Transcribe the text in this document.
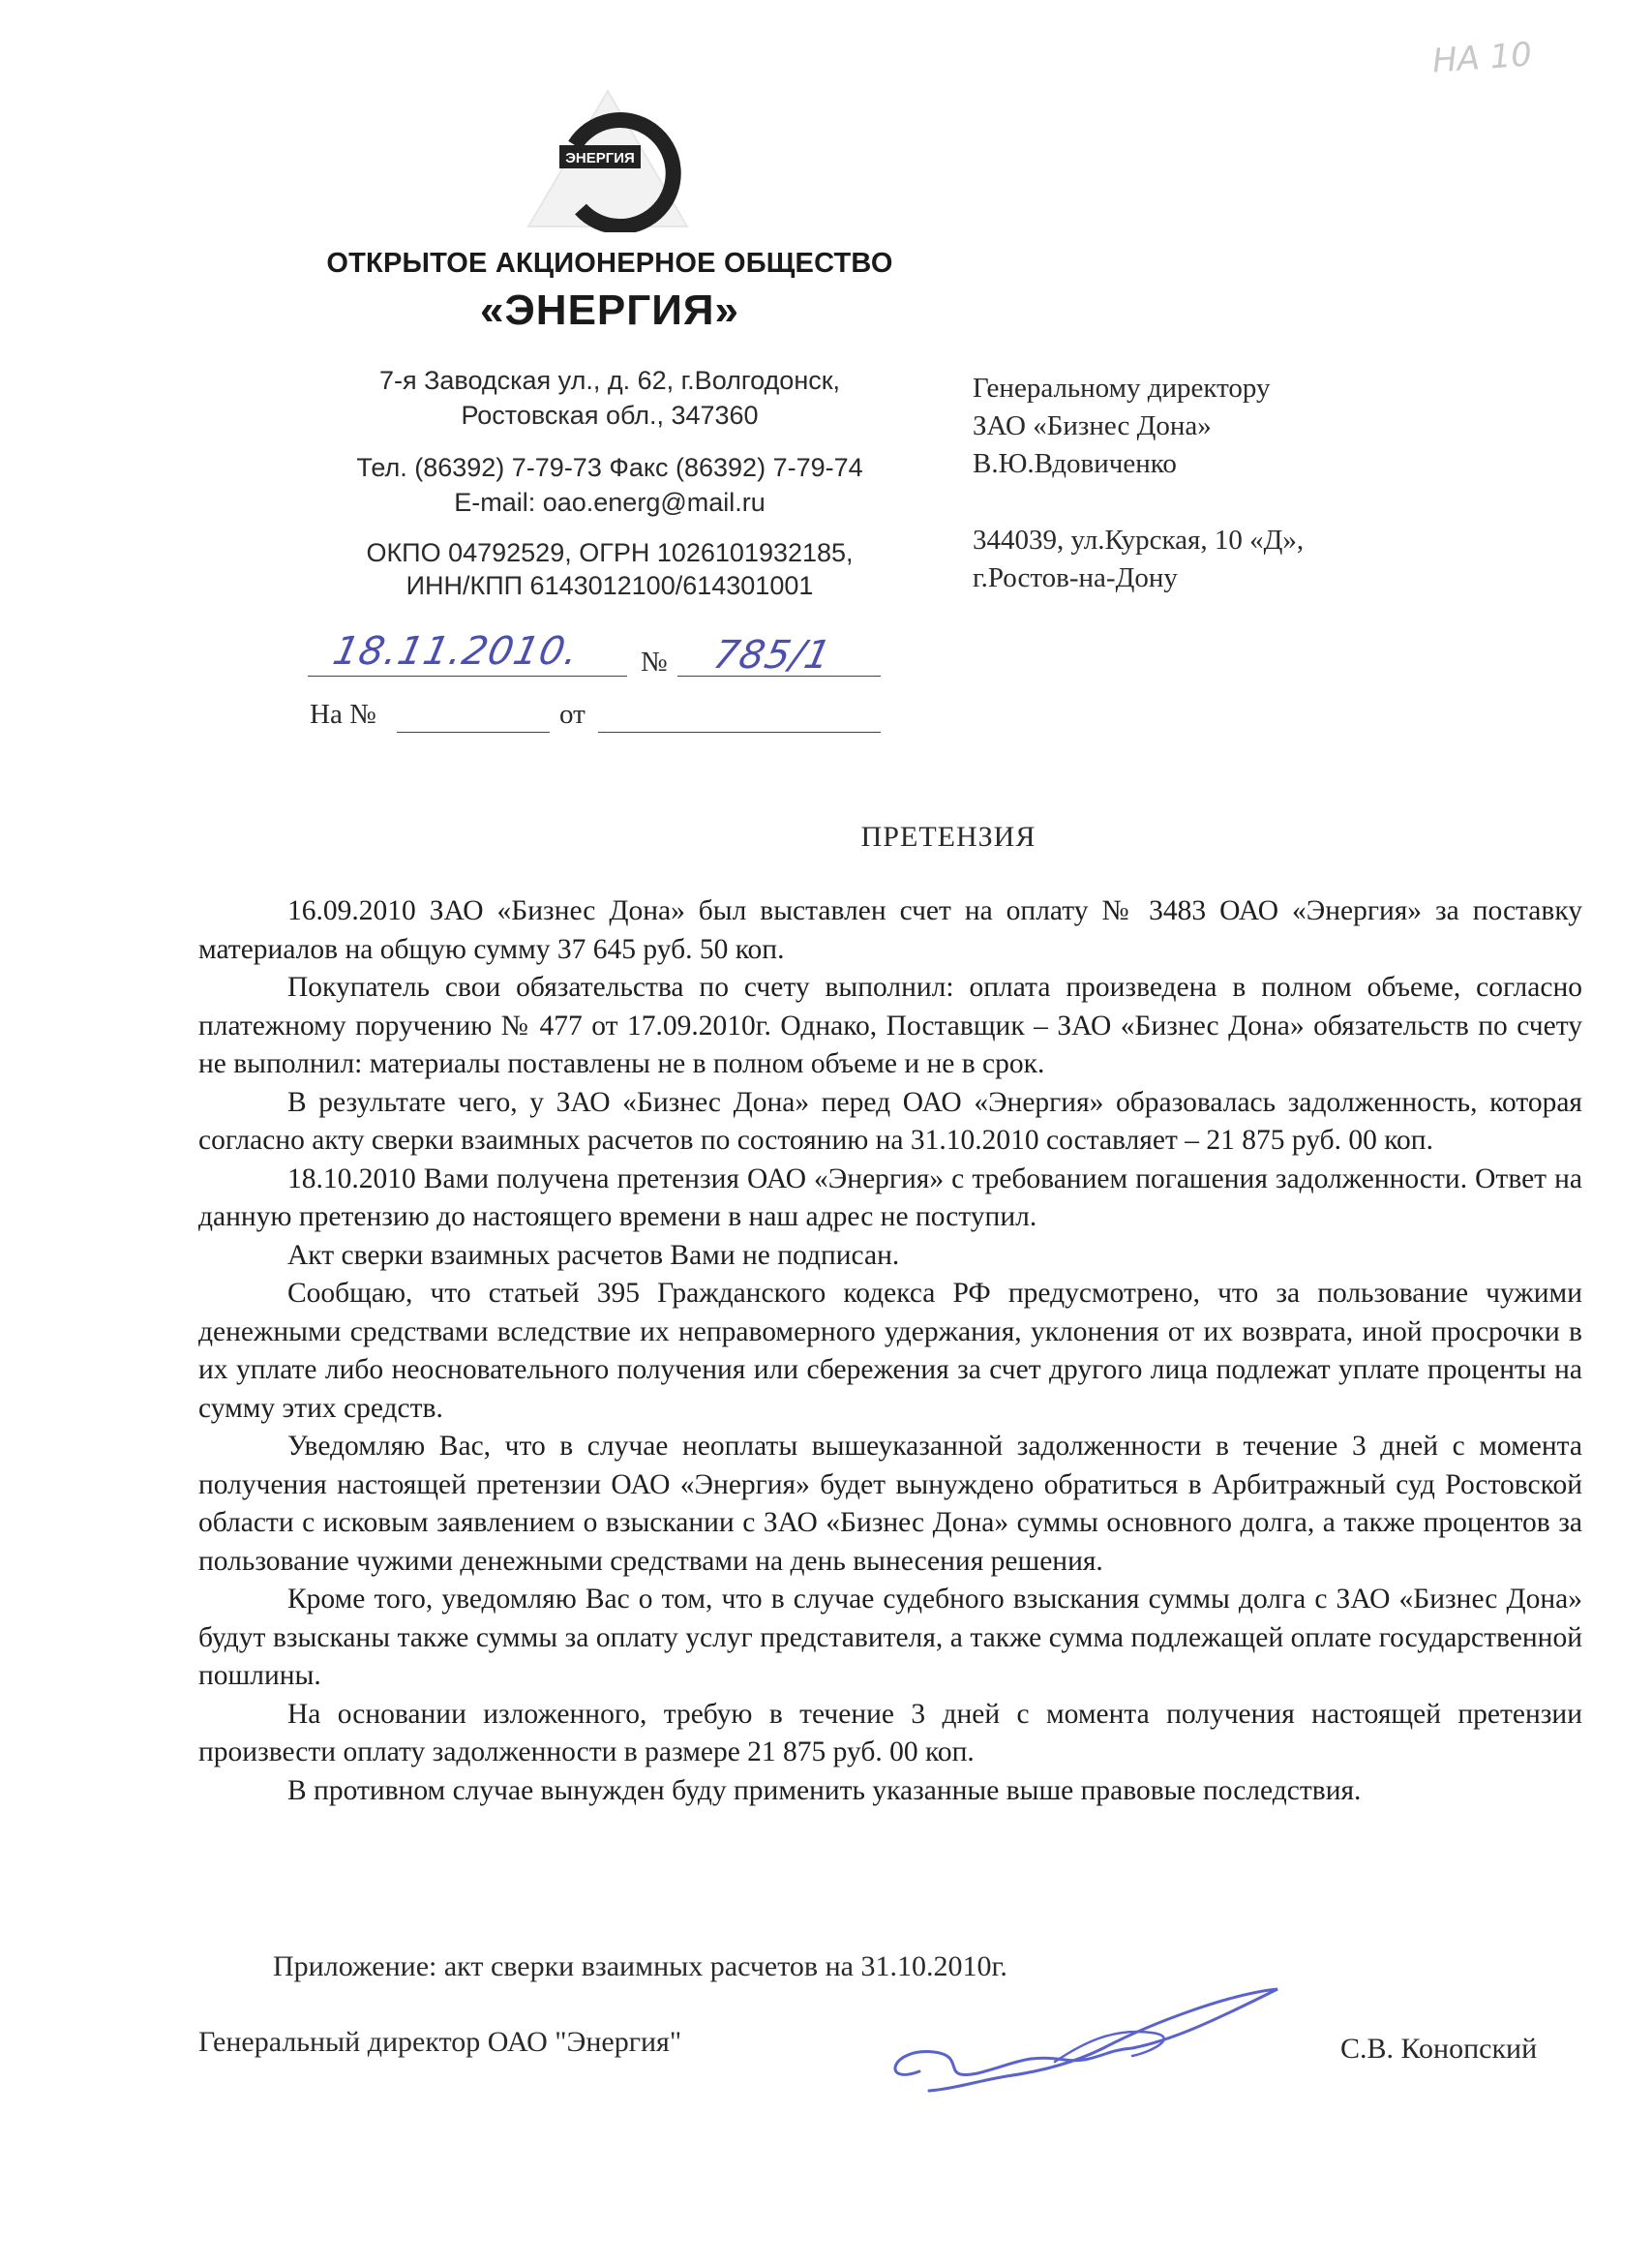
НА 10
ЭНЕРГИЯ
ОТКРЫТОЕ АКЦИОНЕРНОЕ ОБЩЕСТВО
«ЭНЕРГИЯ»
7-я Заводская ул., д. 62, г.Волгодонск,
Ростовская обл., 347360
Тел. (86392) 7-79-73 Факс (86392) 7-79-74
E-mail: oao.energ@mail.ru
ОКПО 04792529, ОГРН 1026101932185,
ИНН/КПП 6143012100/614301001
Генеральному директору
ЗАО «Бизнес Дона»
В.Ю.Вдовиченко
344039, ул.Курская, 10 «Д»,
г.Ростов-на-Дону
18.11.2010. № 785/1
На №	от
ПРЕТЕНЗИЯ

16.09.2010 ЗАО «Бизнес Дона» был выставлен счет на оплату № 3483 ОАО «Энергия» за поставку материалов на общую сумму 37 645 руб. 50 коп.

Покупатель свои обязательства по счету выполнил: оплата произведена в полном объеме, согласно платежному поручению № 477 от 17.09.2010г. Однако, Поставщик – ЗАО «Бизнес Дона» обязательств по счету не выполнил: материалы поставлены не в полном объеме и не в срок.

В результате чего, у ЗАО «Бизнес Дона» перед ОАО «Энергия» образовалась задолженность, которая согласно акту сверки взаимных расчетов по состоянию на 31.10.2010 составляет – 21 875 руб. 00 коп.

18.10.2010 Вами получена претензия ОАО «Энергия» с требованием погашения задолженности. Ответ на данную претензию до настоящего времени в наш адрес не поступил.

Акт сверки взаимных расчетов Вами не подписан.

Сообщаю, что статьей 395 Гражданского кодекса РФ предусмотрено, что за пользование чужими денежными средствами вследствие их неправомерного удержания, уклонения от их возврата, иной просрочки в их уплате либо неосновательного получения или сбережения за счет другого лица подлежат уплате проценты на сумму этих средств.

Уведомляю Вас, что в случае неоплаты вышеуказанной задолженности в течение 3 дней с момента получения настоящей претензии ОАО «Энергия» будет вынуждено обратиться в Арбитражный суд Ростовской области с исковым заявлением о взыскании с ЗАО «Бизнес Дона» суммы основного долга, а также процентов за пользование чужими денежными средствами на день вынесения решения.

Кроме того, уведомляю Вас о том, что в случае судебного взыскания суммы долга с ЗАО «Бизнес Дона» будут взысканы также суммы за оплату услуг представителя, а также сумма подлежащей оплате государственной пошлины.

На основании изложенного, требую в течение 3 дней с момента получения настоящей претензии произвести оплату задолженности в размере 21 875 руб. 00 коп.

В противном случае вынужден буду применить указанные выше правовые последствия.

Приложение: акт сверки взаимных расчетов на 31.10.2010г.
Генеральный директор ОАО "Энергия"	С.В. Конопский
